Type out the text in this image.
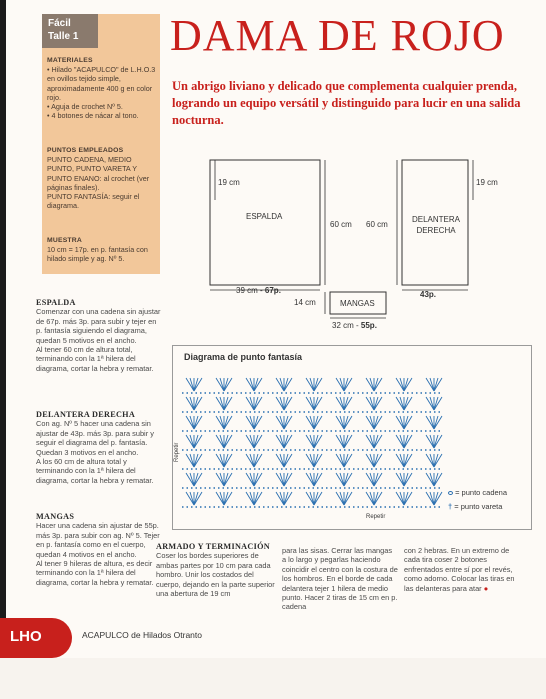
Fácil
Talle 1
MATERIALES
• Hilado "ACAPULCO" de L.H.O.3 en ovillos tejido simple, aproximadamente 400 g en color rojo.
• Aguja de crochet Nº 5.
• 4 botones de nácar al tono.
PUNTOS EMPLEADOS
PUNTO CADENA, MEDIO PUNTO, PUNTO VARETA Y PUNTO ENANO: al crochet (ver páginas finales).
PUNTO FANTASÍA: seguir el diagrama.
MUESTRA
10 cm = 17p. en p. fantasía con hilado simple y ag. Nº 5.
DAMA DE ROJO
Un abrigo liviano y delicado que complementa cualquier prenda, logrando un equipo versátil y distinguido para lucir en una salida nocturna.
19 cm
ESPALDA
60 cm 60 cm
DELANTERA DERECHA
19 cm
39 cm - 67p.	43p.
14 cm	MANGAS
32 cm - 55p.
Diagrama de punto fantasía
Repetir
Repetir
= punto cadena
† = punto vareta
ESPALDA
Comenzar con una cadena sin ajustar de 67p. más 3p. para subir y tejer en p. fantasía siguiendo el diagrama, quedan 5 motivos en el ancho.
Al tener 60 cm de altura total, terminando con la 1ª hilera del diagrama, cortar la hebra y rematar.
DELANTERA DERECHA
Con ag. Nº 5 hacer una cadena sin ajustar de 43p. más 3p. para subir y seguir el diagrama del p. fantasía. Quedan 3 motivos en el ancho.
A los 60 cm de altura total y terminando con la 1ª hilera del diagrama, cortar la hebra y rematar.
MANGAS
Hacer una cadena sin ajustar de 55p. más 3p. para subir con ag. Nº 5. Tejer en p. fantasía como en el cuerpo, quedan 4 motivos en el ancho.
Al tener 9 hileras de altura, es decir terminando con la 1ª hilera del diagrama, cortar la hebra y rematar.
ARMADO Y TERMINACIÓN
Coser los bordes superiores de ambas partes por 10 cm para cada hombro. Unir los costados del cuerpo, dejando en la parte superior una abertura de 19 cm
para las sisas. Cerrar las mangas a lo largo y pegarlas haciendo coincidir el centro con la costura de los hombros. En el borde de cada delantera tejer 1 hilera de medio punto. Hacer 2 tiras de 15 cm en p. cadena
con 2 hebras. En un extremo de cada tira coser 2 botones enfrentados entre sí por el revés, como adorno. Colocar las tiras en las delanteras para atar ●
LHO	ACAPULCO de Hilados Otranto
